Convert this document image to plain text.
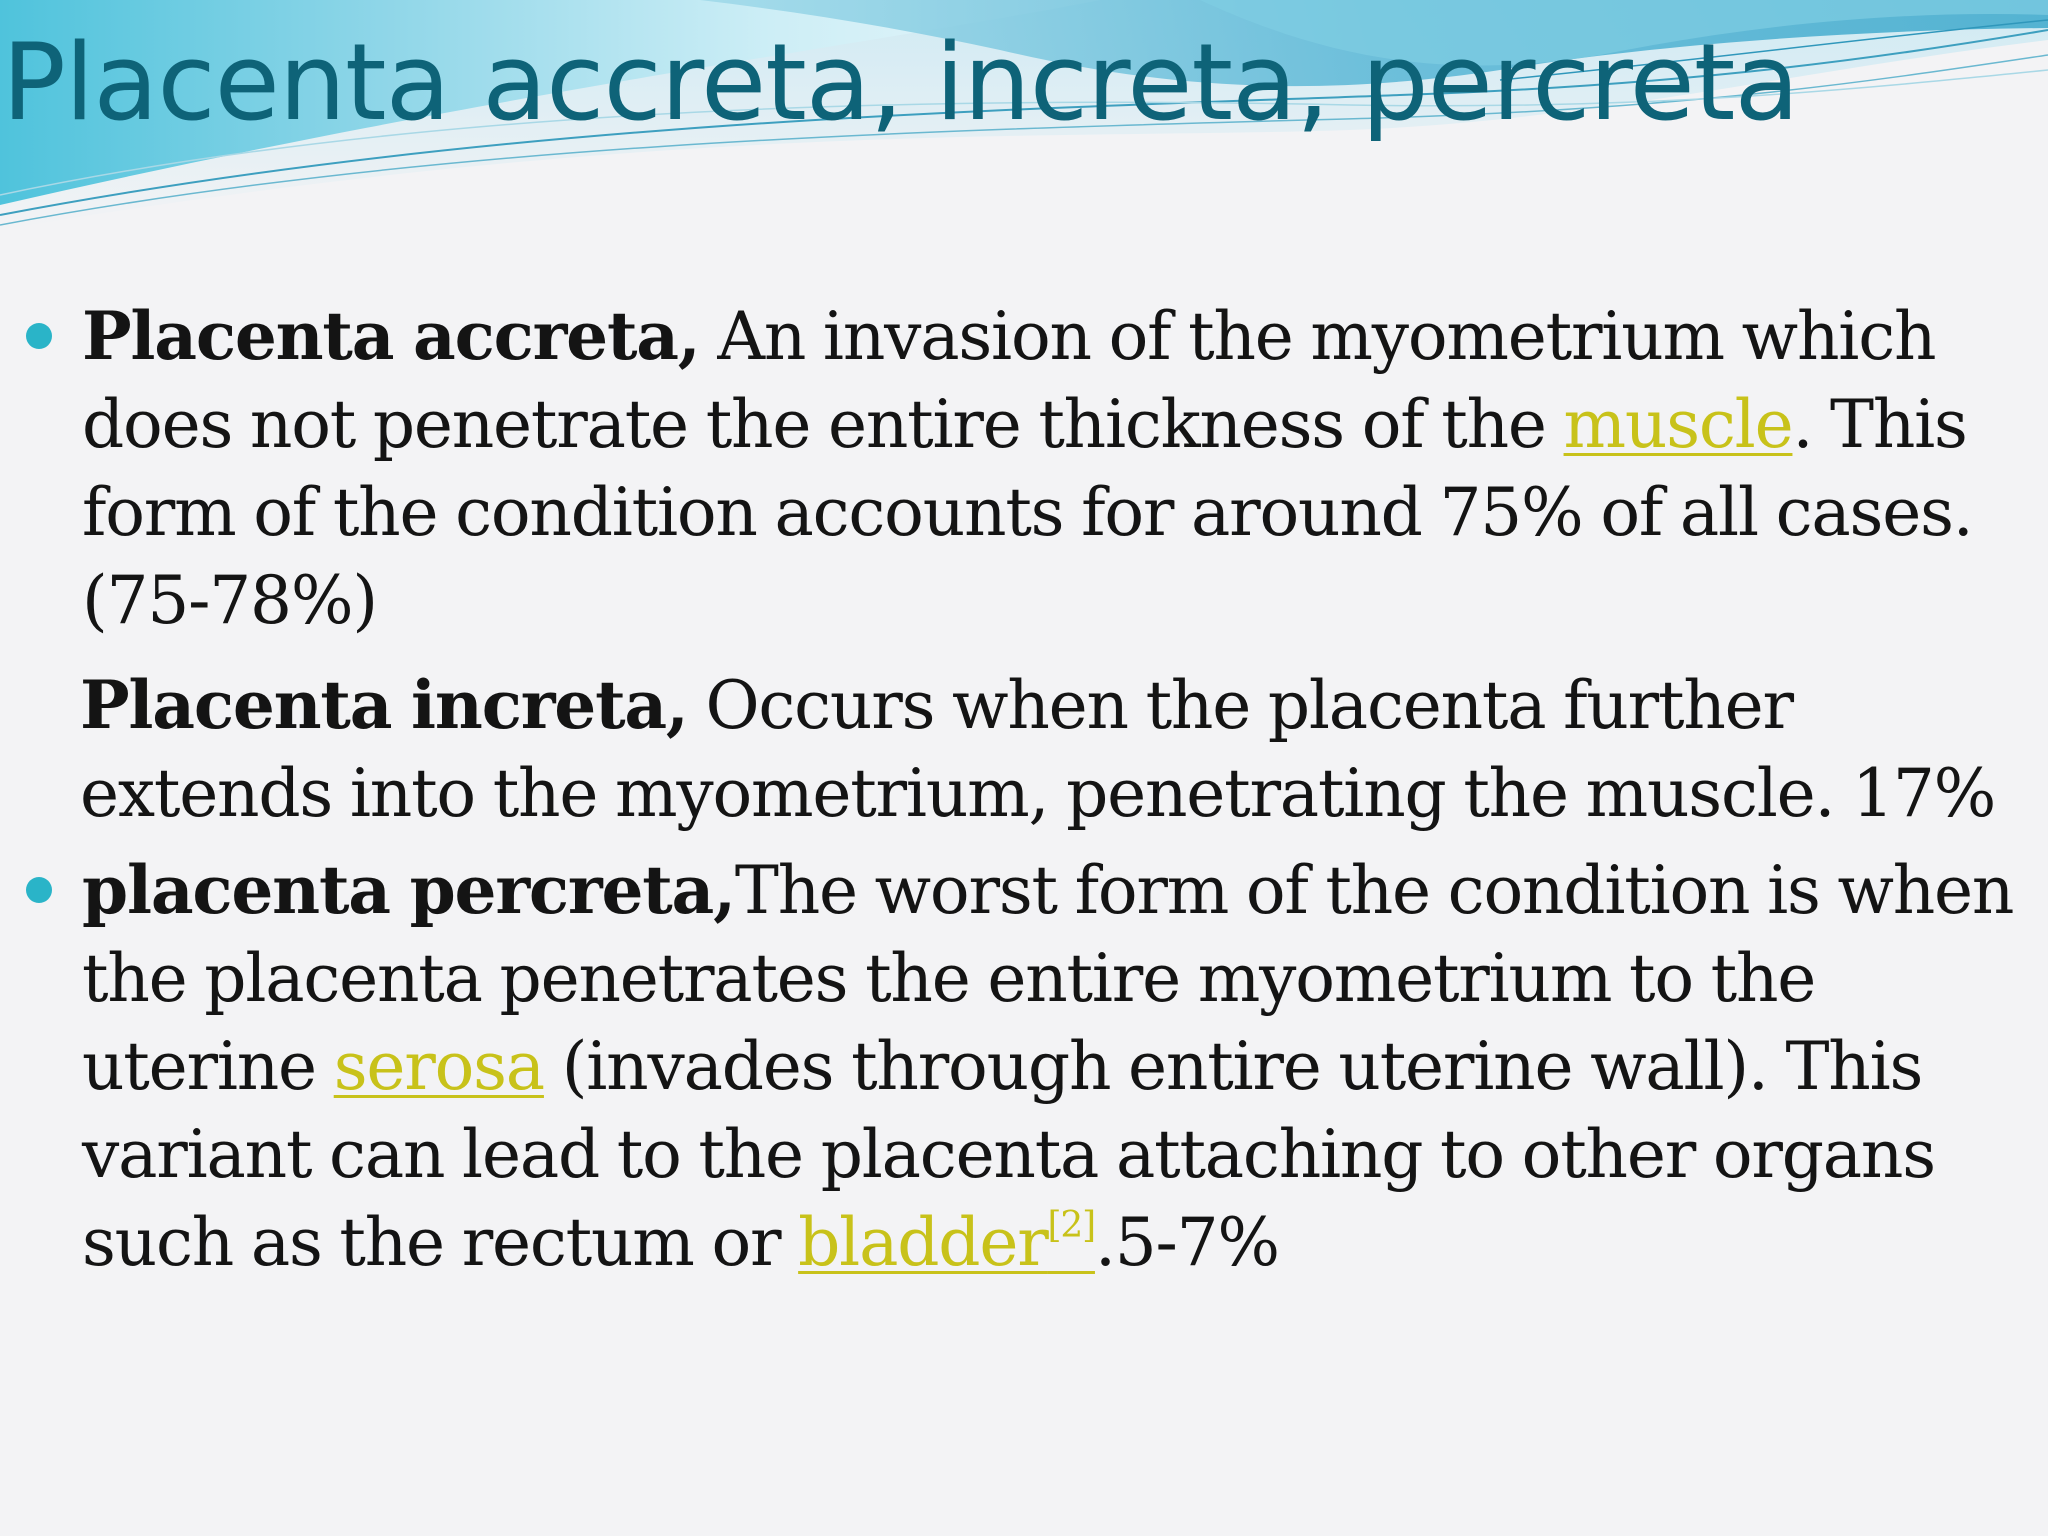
Placenta accreta, increta, percreta
Placenta accreta, An invasion of the myometrium which does not penetrate the entire thickness of the muscle. This form of the condition accounts for around 75% of all cases.(75-78%)
Placenta increta, Occurs when the placenta further extends into the myometrium, penetrating the muscle. 17%
placenta percreta,The worst form of the condition is when the placenta penetrates the entire myometrium to the uterine serosa (invades through entire uterine wall). This variant can lead to the placenta attaching to other organs such as the rectum or bladder[2].5-7%
